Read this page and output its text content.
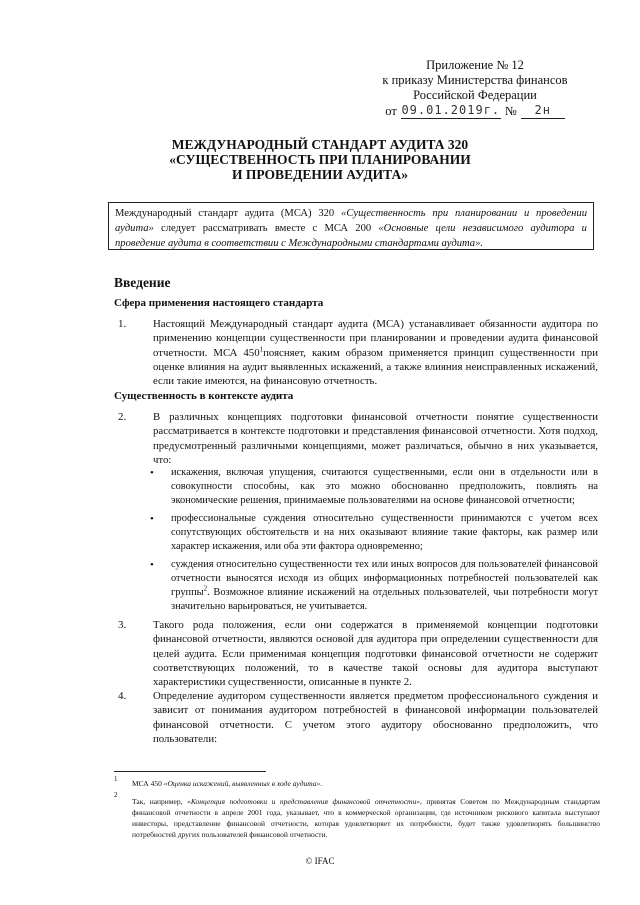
Приложение № 12
к приказу Министерства финансов
Российской Федерации
от 09.01.2019г. №	2н
МЕЖДУНАРОДНЫЙ СТАНДАРТ АУДИТА 320
«СУЩЕСТВЕННОСТЬ ПРИ ПЛАНИРОВАНИИ
И ПРОВЕДЕНИИ АУДИТА»
Международный стандарт аудита (МСА) 320 «Существенность при планировании и проведении аудита» следует рассматривать вместе с МСА 200 «Основные цели независимого аудитора и проведение аудита в соответствии с Международными стандартами аудита».
Введение
Сфера применения настоящего стандарта
1. Настоящий Международный стандарт аудита (МСА) устанавливает обязанности аудитора по применению концепции существенности при планировании и проведении аудита финансовой отчетности. МСА $450^1поясняет$, каким образом применяется принцип существенности при оценке влияния на аудит выявленных искажений, а также влияния неисправленных искажений, если такие имеются, на финансовую отчетность.
Существенность в контексте аудита
2. В различных концепциях подготовки финансовой отчетности понятие существенности рассматривается в контексте подготовки и представления финансовой отчетности. Хотя подход, предусмотренный различными концепциями, может различаться, обычно в них указывается, что:
• искажения, включая упущения, считаются существенными, если они в отдельности или в совокупности способны, как это можно обоснованно предположить, повлиять на экономические решения, принимаемые пользователями на основе финансовой отчетности;
• профессиональные суждения относительно существенности принимаются с учетом всех сопутствующих обстоятельств и на них оказывают влияние такие факторы, как размер или характер искажения, или оба эти фактора одновременно;
• суждения относительно существенности тех или иных вопросов для пользователей финансовой отчетности выносятся исходя из общих информационных потребностей пользователей как группы$^2$. Возможное влияние искажений на отдельных пользователей, чьи потребности могут значительно варьироваться, не учитывается.
3. Такого рода положения, если они содержатся в применяемой концепции подготовки финансовой отчетности, являются основой для аудитора при определении существенности для целей аудита. Если применимая концепция подготовки финансовой отчетности не содержит соответствующих положений, то в качестве такой основы для аудитора выступают характеристики существенности, описанные в пункте 2.
4. Определение аудитором существенности является предметом профессионального суждения и зависит от понимания аудитором потребностей в финансовой информации пользователей финансовой отчетности. С учетом этого аудитору обоснованно предположить, что пользователи:
1 МСА 450 «Оценка искажений, выявленных в ходе аудита».
2
Так, например, «Концепция подготовки и представления финансовой отчетности», принятая Советом по Международным стандартам финансовой отчетности в апреле 2001 года, указывает, что в коммерческой организации, где источником рискового капитала выступают инвесторы, представление финансовой отчетности, которая удовлетворяет их потребности, будет также удовлетворять большинство потребностей других пользователей финансовой отчетности.
© IFAC
